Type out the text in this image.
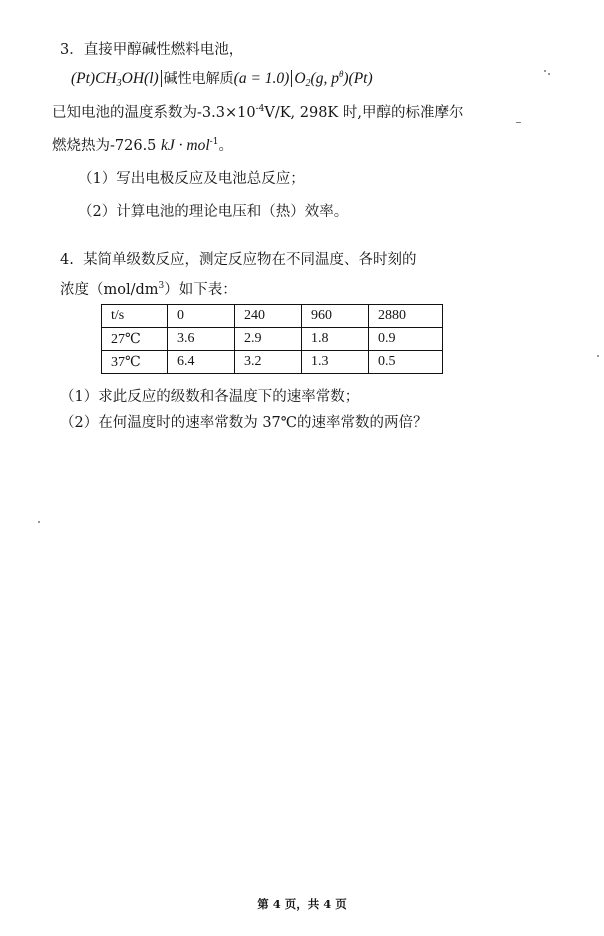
3．直接甲醇碱性燃料电池，
$(Pt)CH_3OH(l)$ 碱性电解质(a = 1.0) $O_2(g$, $p^\theta)(Pt)$
已知电池的温度系数为$-3.3\times 10^{-4}V/K$, 298K 时,甲醇的标准摩尔
燃烧热为-726.5 kJ · mol$^{-1}$。
（1）写出电极反应及电池总反应；
（2）计算电池的理论电压和（热）效率。
4. 某简单级数反应，测定反应物在不同温度、各时刻的
浓度$(mol/dm^3)$如下表：
t/s	0	240	960	2880
27℃	3.6	2.9	1.8	0.9
37℃	6.4	3.2	1.3	0.5
（1）求此反应的级数和各温度下的速率常数；
（2）在何温度时的速率常数为 37℃的速率常数的两倍？
第 4 页，共 4 页
